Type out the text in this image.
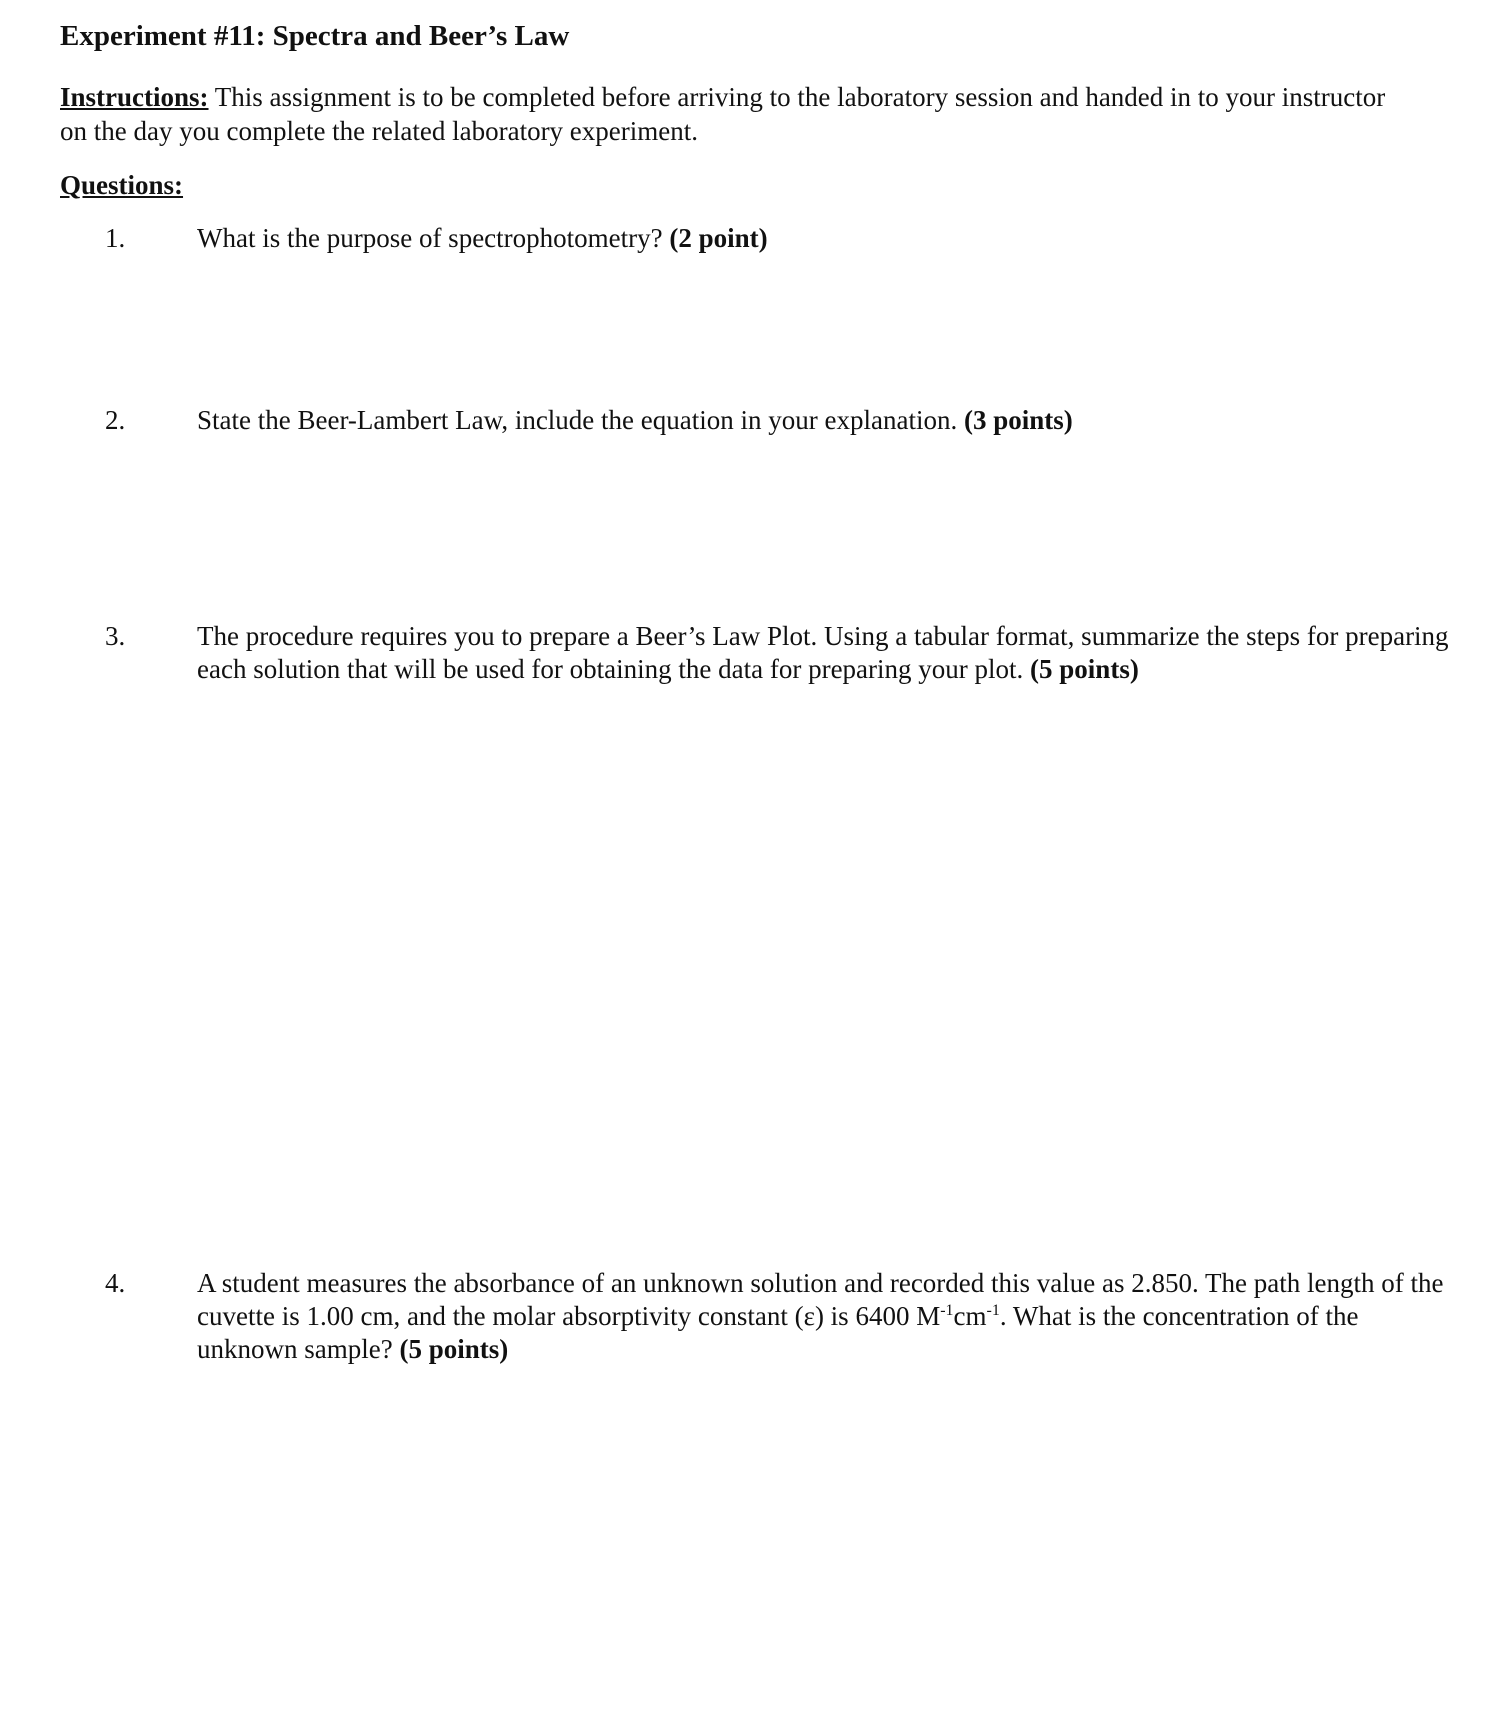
Experiment #11: Spectra and Beer’s Law
Instructions: This assignment is to be completed before arriving to the laboratory session and handed in to your instructor on the day you complete the related laboratory experiment.
Questions:
1.	What is the purpose of spectrophotometry? (2 point)
2.	State the Beer-Lambert Law, include the equation in your explanation. (3 points)
3.	The procedure requires you to prepare a Beer’s Law Plot. Using a tabular format, summarize the steps for preparing each solution that will be used for obtaining the data for preparing your plot. (5 points)
4.	A student measures the absorbance of an unknown solution and recorded this value as 2.850. The path length of the cuvette is 1.00 cm, and the molar absorptivity constant (ε) is 6400 $M^{-1}cm^{-1}$. What is the concentration of the unknown sample? (5 points)
